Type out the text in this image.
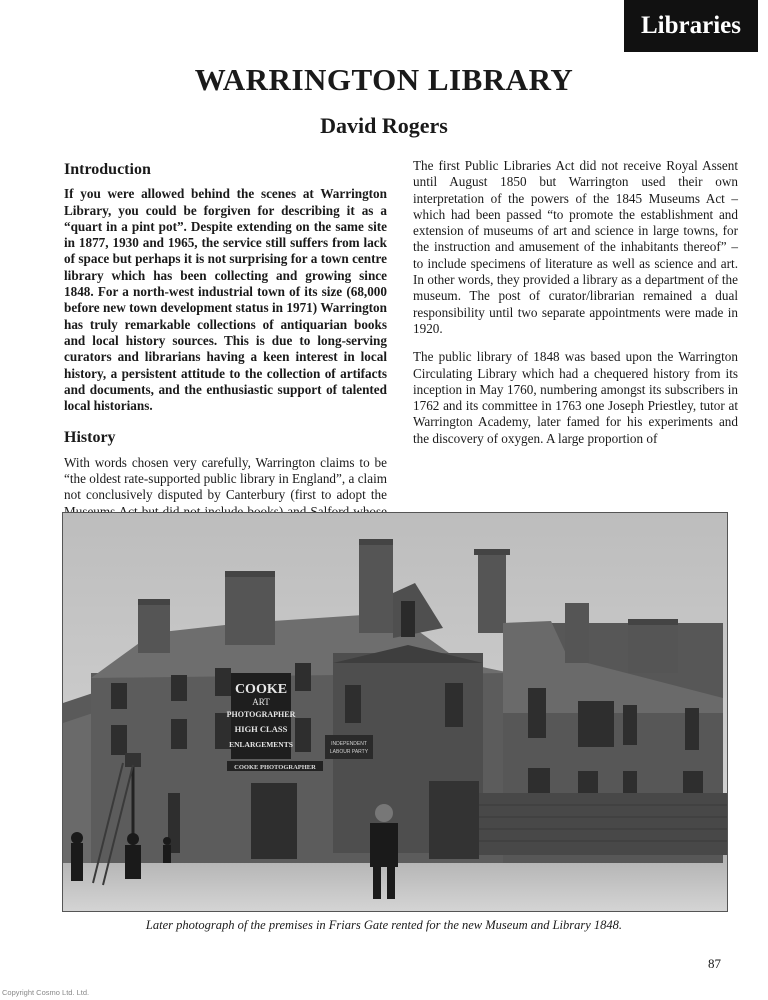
Libraries
WARRINGTON LIBRARY
David Rogers
Introduction

If you were allowed behind the scenes at Warrington Library, you could be forgiven for describing it as a “quart in a pint pot”. Despite extending on the same site in 1877, 1930 and 1965, the service still suffers from lack of space but perhaps it is not surprising for a town centre library which has been collecting and growing since 1848. For a north-west industrial town of its size (68,000 before new town development status in 1971) Warrington has truly remarkable collections of antiquarian books and local history sources. This is due to long-serving curators and librarians having a keen interest in local history, a persistent attitude to the collection of artifacts and documents, and the enthusiastic support of talented local historians.

History

With words chosen very carefully, Warrington claims to be “the oldest rate-supported public library in England”, a claim not conclusively disputed by Canterbury (first to adopt the

The first Public Libraries Act did not receive Royal Assent until August 1850 but Warrington used their own interpretation of the powers of the 1845 Museums Act – which had been passed “to promote the establishment and extension of museums of art and science in large towns, for the instruction and amusement of the inhabitants thereof” – to include specimens of literature as well as science and art. In other words, they provided a library as a department of the museum. The post of curator/librarian remained a dual responsibility until two separate appointments were made in 1920.

The public library of 1848 was based upon the Warrington Circulating Library which had a chequered history from its inception in May 1760, numbering amongst its subscribers in 1762 and its committee in 1763 one Joseph Priestley, tutor at Warrington Academy, later famed for his experiments and the discovery of oxygen. A large proportion of

COOKE
ART
PHOTOGRAPHER
HIGH CLASS
ENLARGEMENTS
COOKE PHOTOGRAPHER
INDEPENDENT
LABOUR PARTY
Later photograph of the premises in Friars Gate rented for the new Museum and Library 1848.
87
Copyright Cosmo Ltd. Ltd.
